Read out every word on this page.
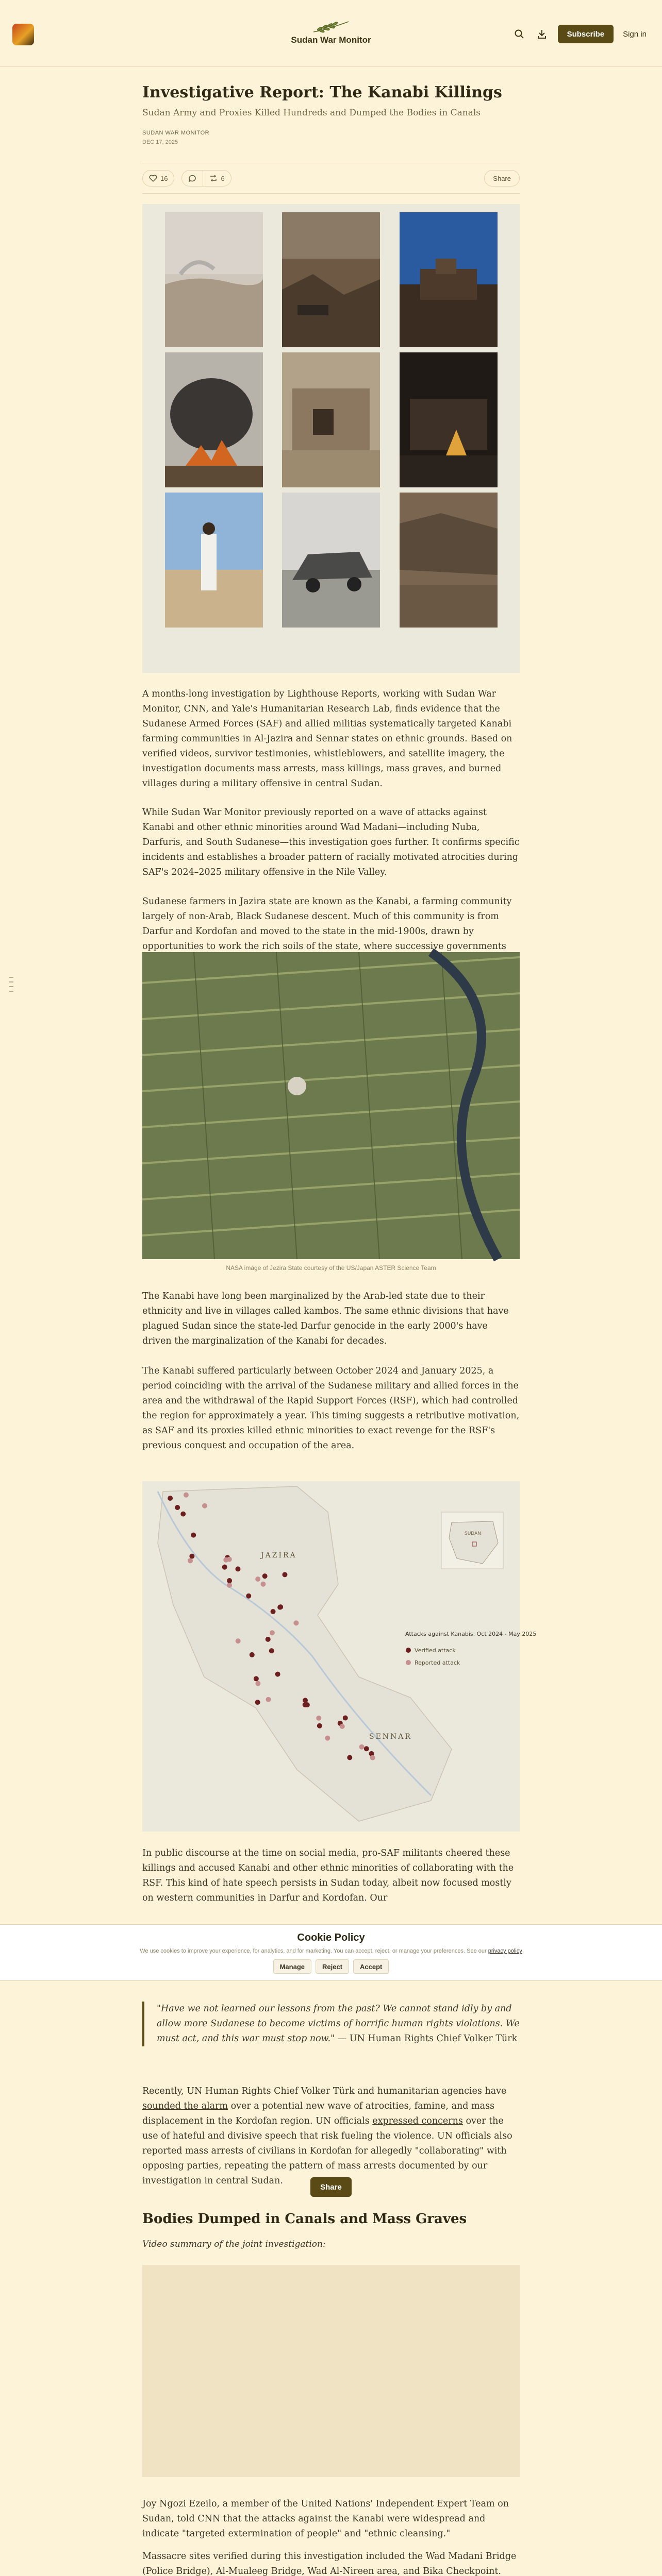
Sudan War Monitor
Subscribe	Sign in
Investigative Report: The Kanabi Killings
Sudan Army and Proxies Killed Hundreds and Dumped the Bodies in Canals
SUDAN WAR MONITOR
DEC 17, 2025
16	6	Share

A months-long investigation by Lighthouse Reports, working with Sudan War Monitor, CNN, and Yale's Humanitarian Research Lab, finds evidence that the Sudanese Armed Forces (SAF) and allied militias systematically targeted Kanabi farming communities in Al-Jazira and Sennar states on ethnic grounds. Based on verified videos, survivor testimonies, whistleblowers, and satellite imagery, the investigation documents mass arrests, mass killings, mass graves, and burned villages during a military offensive in central Sudan.

While Sudan War Monitor previously reported on a wave of attacks against Kanabi and other ethnic minorities around Wad Madani—including Nuba, Darfuris, and South Sudanese—this investigation goes further. It confirms specific incidents and establishes a broader pattern of racially motivated atrocities during SAF's 2024–2025 military offensive in the Nile Valley.

Sudanese farmers in Jazira state are known as the Kanabi, a farming community largely of non-Arab, Black Sudanese descent. Much of this community is from Darfur and Kordofan and moved to the state in the mid-1900s, drawn by opportunities to work the rich soils of the state, where successive governments

NASA image of Jezira State courtesy of the US/Japan ASTER Science Team

The Kanabi have long been marginalized by the Arab-led state due to their ethnicity and live in villages called kambos. The same ethnic divisions that have plagued Sudan since the state-led Darfur genocide in the early 2000's have driven the marginalization of the Kanabi for decades.

The Kanabi suffered particularly between October 2024 and January 2025, a period coinciding with the arrival of the Sudanese military and allied forces in the area and the withdrawal of the Rapid Support Forces (RSF), which had controlled the region for approximately a year. This timing suggests a retributive motivation, as SAF and its proxies killed ethnic minorities to exact revenge for the RSF's previous conquest and occupation of the area.

JAZIRA
SENNAR
SUDAN
Attacks against Kanabis, Oct 2024 - May 2025
Verified attack
Reported attack

In public discourse at the time on social media, pro-SAF militants cheered these killings and accused Kanabi and other ethnic minorities of collaborating with the RSF. This kind of hate speech persists in Sudan today, albeit now focused mostly on western communities in Darfur and Kordofan. Our

Cookie Policy
We use cookies to improve your experience, for analytics, and for marketing. You can accept, reject, or manage your preferences. See our privacy policy
Manage	Reject	Accept
"Have we not learned our lessons from the past? We cannot stand idly by and allow more Sudanese to become victims of horrific human rights violations. We must act, and this war must stop now." — UN Human Rights Chief Volker Türk

Recently, UN Human Rights Chief Volker Türk and humanitarian agencies have sounded the alarm over a potential new wave of atrocities, famine, and mass displacement in the Kordofan region. UN officials expressed concerns over the use of hateful and divisive speech that risk fueling the violence. UN officials also reported mass arrests of civilians in Kordofan for allegedly "collaborating" with opposing parties, repeating the pattern of mass arrests documented by our investigation in central Sudan.

Share
Bodies Dumped in Canals and Mass Graves
Video summary of the joint investigation:

Joy Ngozi Ezeilo, a member of the United Nations' Independent Expert Team on Sudan, told CNN that the attacks against the Kanabi were widespread and indicate "targeted extermination of people" and "ethnic cleansing."

Massacre sites verified during this investigation included the Wad Madani Bridge (Police Bridge), Al-Mualeeg Bridge, Wad Al-Nireen area, and Bika Checkpoint.
